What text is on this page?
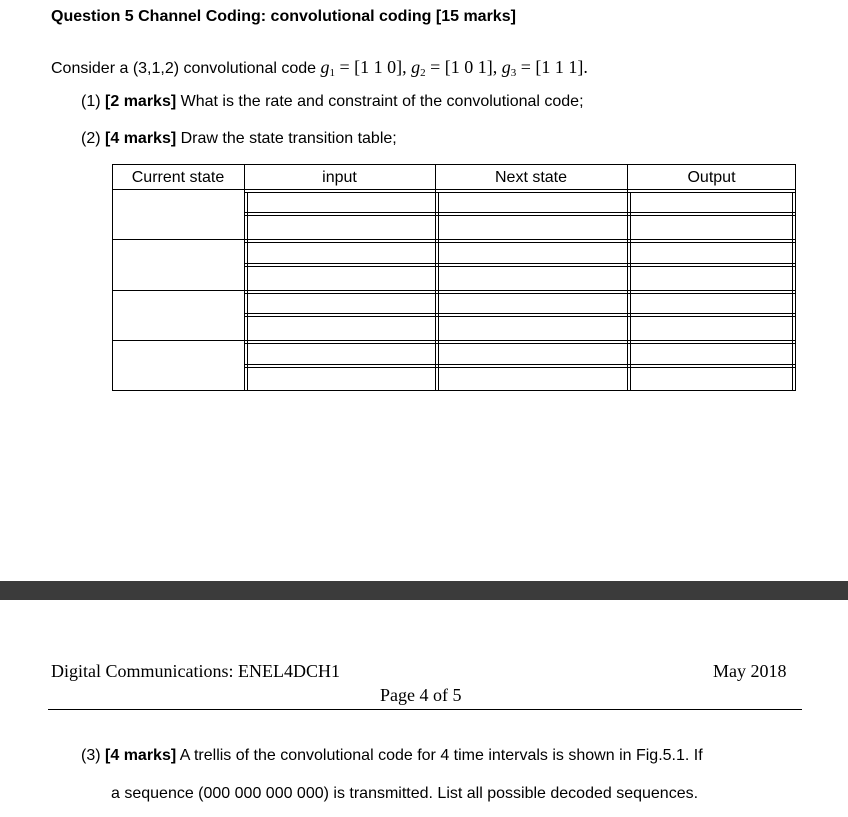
Question 5 Channel Coding: convolutional coding [15 marks]
Consider a (3,1,2) convolutional code $g_1 = [1$ 1 0], $g_2 = [1$ 0 1], $g_3 = [1$ 1 1].
(1) [2 marks] What is the rate and constraint of the convolutional code;
(2) [4 marks] Draw the state transition table;
Current state	input	Next state	Output
Digital Communications: ENEL4DCH1	May 2018
Page 4 of 5
(3) [4 marks] A trellis of the convolutional code for 4 time intervals is shown in Fig.5.1. If
a sequence (000 000 000 000) is transmitted. List all possible decoded sequences.
